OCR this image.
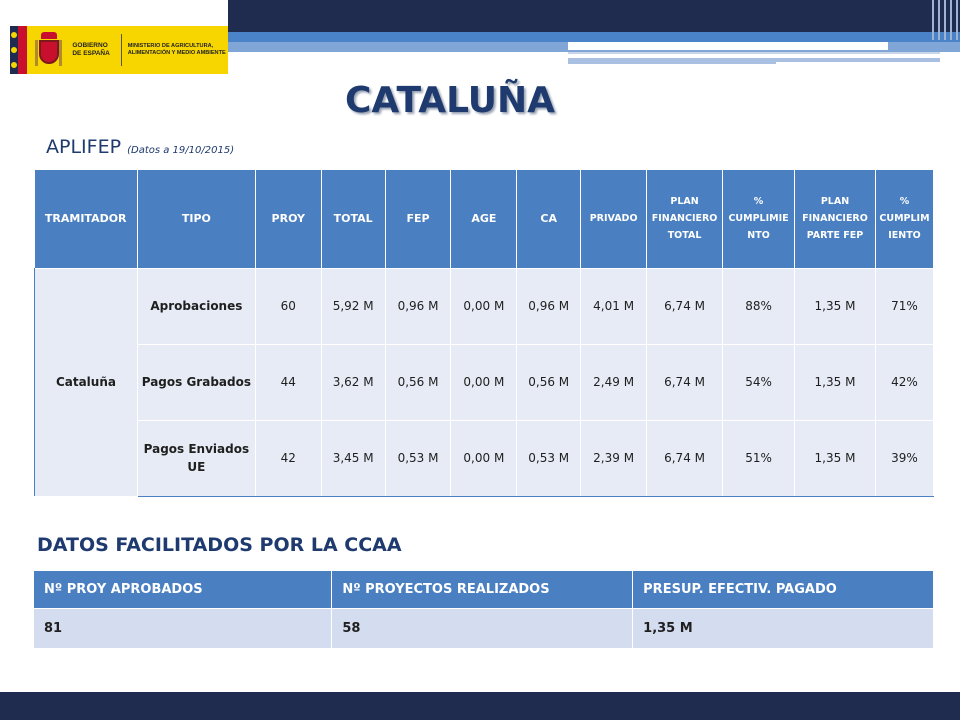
GOBIERNO DE ESPAÑA
MINISTERIO DE AGRICULTURA, ALIMENTACIÓN Y MEDIO AMBIENTE
CATALUÑA
APLIFEP (Datos a 19/10/2015)
TRAMITADOR	TIPO	PROY	TOTAL	FEP	AGE	CA	PRIVADO	PLAN FINANCIERO TOTAL	% CUMPLIMIE NTO	PLAN FINANCIERO PARTE FEP	% CUMPLIM IENTO
Cataluña	Aprobaciones	60	5,92 M	0,96 M	0,00 M	0,96 M	4,01 M	6,74 M	88%	1,35 M	71%
	Pagos Grabados	44	3,62 M	0,56 M	0,00 M	0,56 M	2,49 M	6,74 M	54%	1,35 M	42%
	Pagos Enviados UE	42	3,45 M	0,53 M	0,00 M	0,53 M	2,39 M	6,74 M	51%	1,35 M	39%
DATOS FACILITADOS POR LA CCAA
Nº PROY APROBADOS	Nº PROYECTOS REALIZADOS	PRESUP. EFECTIV. PAGADO
81	58	1,35 M
